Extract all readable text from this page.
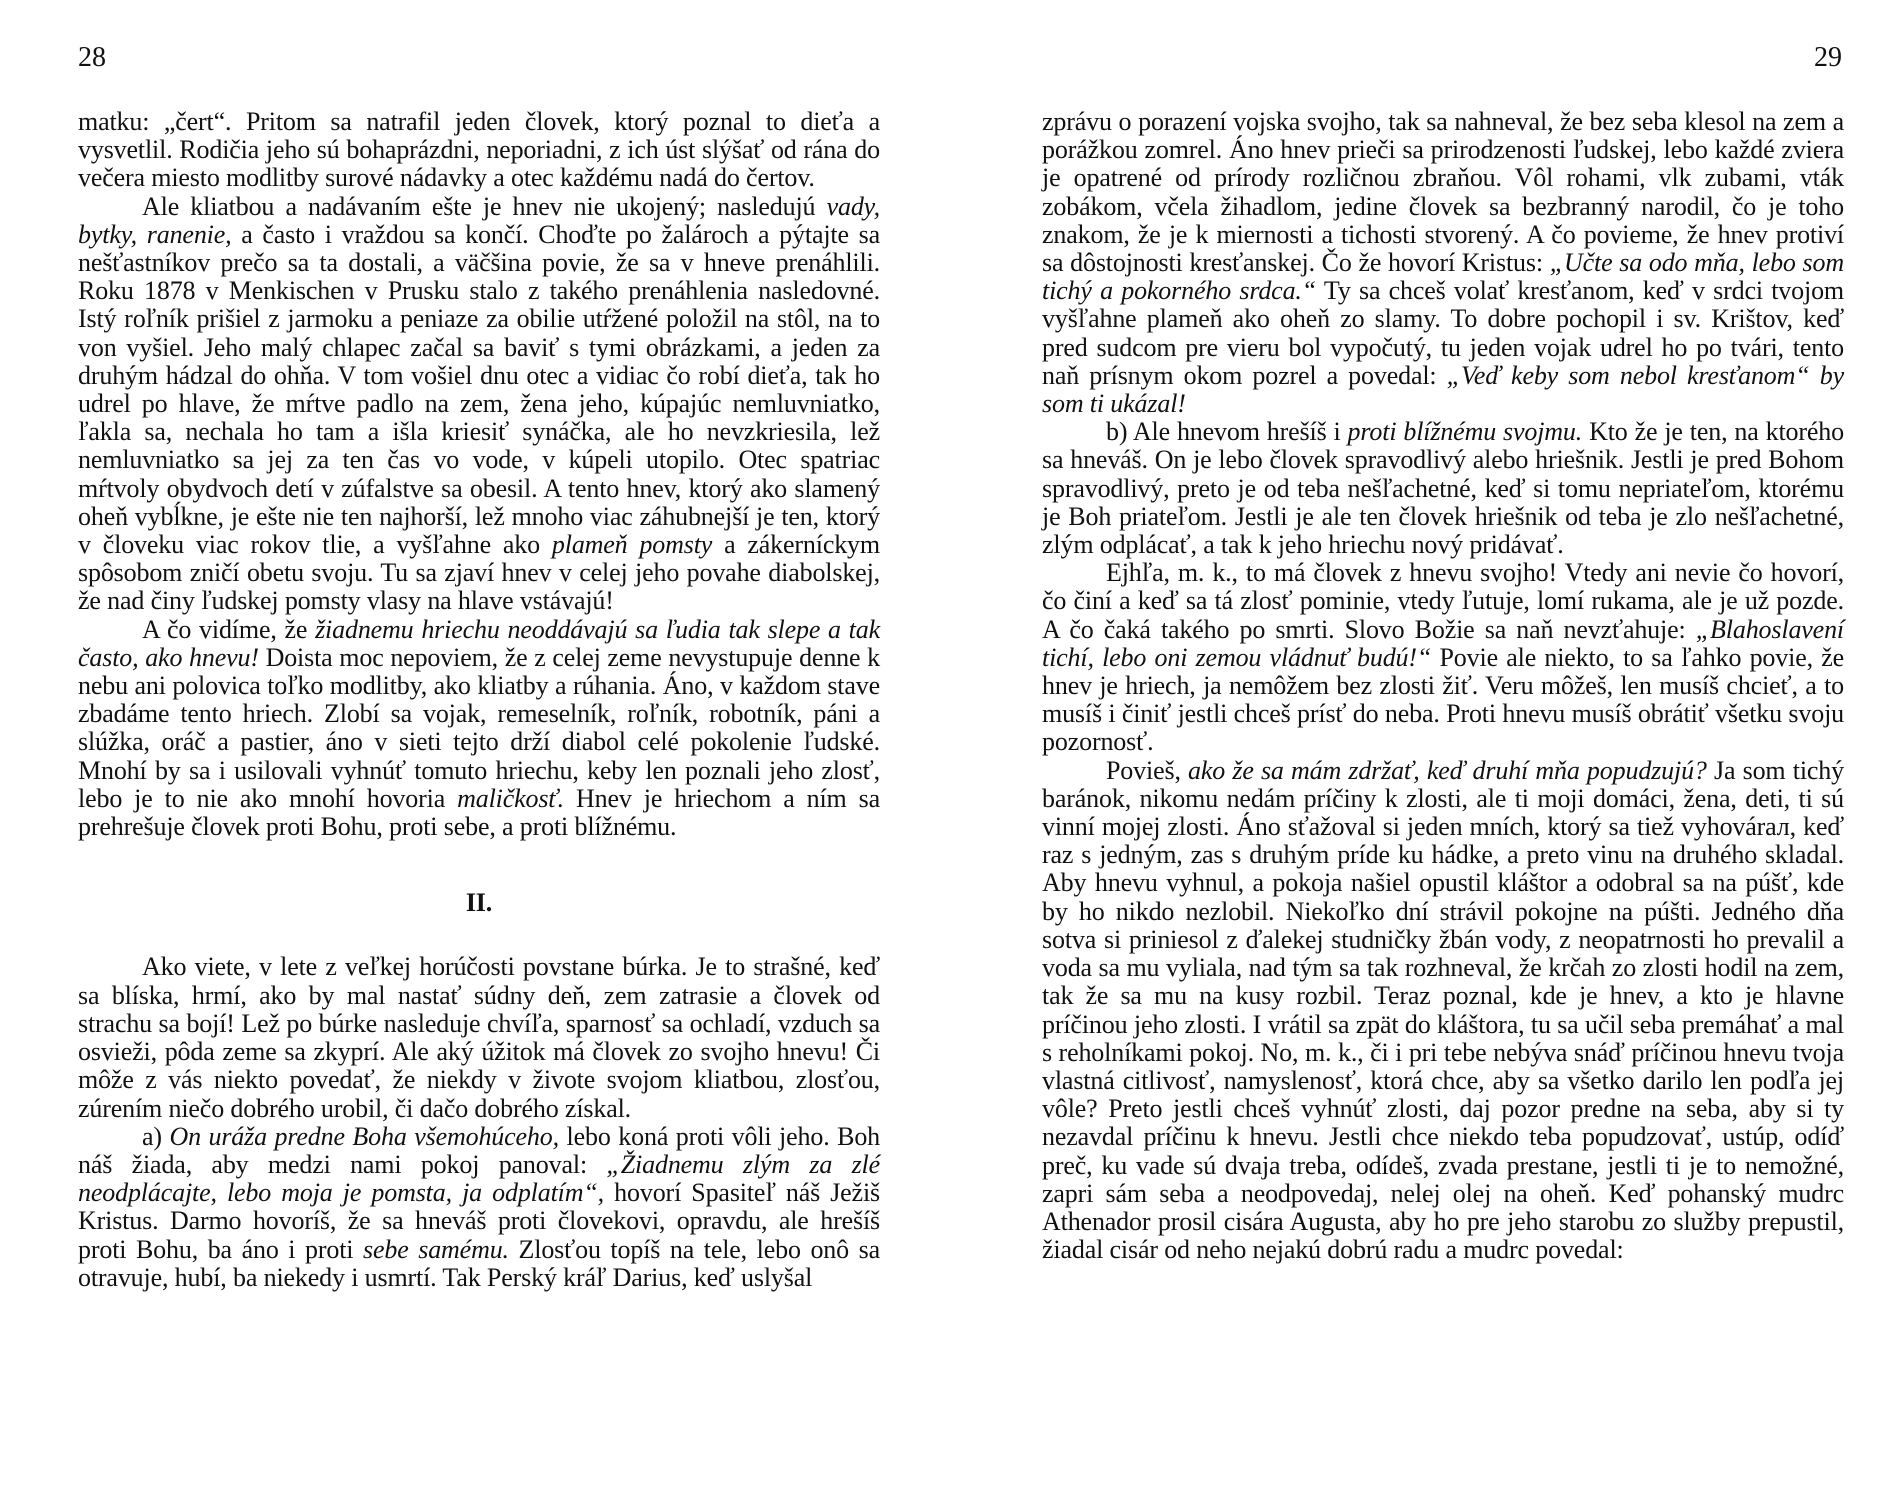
28	29

matku: „čert“. Pritom sa natrafil jeden človek, ktorý poznal to dieťa a vysvetlil. Rodičia jeho sú bohaprázdni, neporiadni, z ich úst slýšať od rána do večera miesto modlitby surové nádavky a otec každému nadá do čertov.

Ale kliatbou a nadávaním ešte je hnev nie ukojený; nasledujú vady, bytky, ranenie, a často i vraždou sa končí. Choďte po žalároch a pýtajte sa nešťastníkov prečo sa ta dostali, a väčšina povie, že sa v hneve prenáhlili. Roku 1878 v Menkischen v Prusku stalo z takého prenáhlenia nasledovné. Istý roľník prišiel z jarmoku a peniaze za obilie utŕžené položil na stôl, na to von vyšiel. Jeho malý chlapec začal sa baviť s tymi obrázkami, a jeden za druhým hádzal do ohňa. V tom vošiel dnu otec a vidiac čo robí dieťa, tak ho udrel po hlave, že mŕtve padlo na zem, žena jeho, kúpajúc nemluvniatko, ľakla sa, nechala ho tam a išla kriesiť synáčka, ale ho nevzkriesila, lež nemluvniatko sa jej za ten čas vo vode, v kúpeli utopilo. Otec spatriac mŕtvoly obydvoch detí v zúfalstve sa obesil. A tento hnev, ktorý ako slamený oheň vybĺkne, je ešte nie ten najhorší, lež mnoho viac záhubnejší je ten, ktorý v človeku viac rokov tlie, a vyšľahne ako plameň pomsty a zákerníckym spôsobom zničí obetu svoju. Tu sa zjaví hnev v celej jeho povahe diabolskej, že nad činy ľudskej pomsty vlasy na hlave vstávajú!

A čo vidíme, že žiadnemu hriechu neoddávajú sa ľudia tak slepe a tak často, ako hnevu! Doista moc nepoviem, že z celej zeme nevystupuje denne k nebu ani polovica toľko modlitby, ako kliatby a rúhania. Áno, v každom stave zbadáme tento hriech. Zlobí sa vojak, remeselník, roľník, robotník, páni a slúžka, oráč a pastier, áno v sieti tejto drží diabol celé pokolenie ľudské. Mnohí by sa i usilovali vyhnúť tomuto hriechu, keby len poznali jeho zlosť, lebo je to nie ako mnohí hovoria maličkosť. Hnev je hriechom a ním sa prehrešuje človek proti Bohu, proti sebe, a proti blížnému.

II.

Ako viete, v lete z veľkej horúčosti povstane búrka. Je to strašné, keď sa blíska, hrmí, ako by mal nastať súdny deň, zem zatrasie a človek od strachu sa bojí! Lež po búrke nasleduje chvíľa, sparnosť sa ochladí, vzduch sa osvieži, pôda zeme sa zkyprí. Ale aký úžitok má človek zo svojho hnevu! Či môže z vás niekto povedať, že niekdy v živote svojom kliatbou, zlosťou, zúrením niečo dobrého urobil, či dačo dobrého získal.

a) On uráža predne Boha všemohúceho, lebo koná proti vôli jeho. Boh náš žiada, aby medzi nami pokoj panoval: „Žiadnemu zlým za zlé neodplácajte, lebo moja je pomsta, ja odplatím“, hovorí Spasiteľ náš Ježiš Kristus. Darmo hovoríš, že sa hneváš proti človekovi, opravdu, ale hrešíš proti Bohu, ba áno i proti sebe samému. Zlosťou topíš na tele, lebo onô sa otravuje, hubí, ba niekedy i usmrtí. Tak Perský kráľ Darius, keď uslyšal

zprávu o porazení vojska svojho, tak sa nahneval, že bez seba klesol na zem a porážkou zomrel. Áno hnev prieči sa prirodzenosti ľudskej, lebo každé zviera je opatrené od prírody rozličnou zbraňou. Vôl rohami, vlk zubami, vták zobákom, včela žihadlom, jedine človek sa bezbranný narodil, čo je toho znakom, že je k miernosti a tichosti stvorený. A čo povieme, že hnev protiví sa dôstojnosti kresťanskej. Čo že hovorí Kristus: „Učte sa odo mňa, lebo som tichý a pokorného srdca.“ Ty sa chceš volať kresťanom, keď v srdci tvojom vyšľahne plameň ako oheň zo slamy. To dobre pochopil i sv. Krištov, keď pred sudcom pre vieru bol vypočutý, tu jeden vojak udrel ho po tvári, tento naň prísnym okom pozrel a povedal: „Veď keby som nebol kresťanom“ by som ti ukázal!

b) Ale hnevom hrešíš i proti blížnému svojmu. Kto že je ten, na ktorého sa hneváš. On je lebo človek spravodlivý alebo hriešnik. Jestli je pred Bohom spravodlivý, preto je od teba nešľachetné, keď si tomu nepriateľom, ktorému je Boh priateľom. Jestli je ale ten človek hriešnik od teba je zlo nešľachetné, zlým odplácať, a tak k jeho hriechu nový pridávať.

Ejhľa, m. k., to má človek z hnevu svojho! Vtedy ani nevie čo hovorí, čo činí a keď sa tá zlosť pominie, vtedy ľutuje, lomí rukama, ale je už pozde. A čo čaká takého po smrti. Slovo Božie sa naň nevzťahuje: „Blahoslavení tichí, lebo oni zemou vládnuť budú!“ Povie ale niekto, to sa ľahko povie, že hnev je hriech, ja nemôžem bez zlosti žiť. Veru môžeš, len musíš chcieť, a to musíš i činiť jestli chceš prísť do neba. Proti hnevu musíš obrátiť všetku svoju pozornosť.

Povieš, ako že sa mám zdržať, keď druhí mňa popudzujú? Ja som tichý baránok, nikomu nedám príčiny k zlosti, ale ti moji domáci, žena, deti, ti sú vinní mojej zlosti. Áno sťažoval si jeden mních, ktorý sa tiež vyhovárал, keď raz s jedným, zas s druhým príde ku hádke, a preto vinu na druhého skladal. Aby hnevu vyhnul, a pokoja našiel opustil kláštor a odobral sa na púšť, kde by ho nikdo nezlobil. Niekoľko dní strávil pokojne na púšti. Jedného dňa sotva si priniesol z ďalekej studničky žbán vody, z neopatrnosti ho prevalil a voda sa mu vyliala, nad tým sa tak rozhneval, že krčah zo zlosti hodil na zem, tak že sa mu na kusy rozbil. Teraz poznal, kde je hnev, a kto je hlavne príčinou jeho zlosti. I vrátil sa zpät do kláštora, tu sa učil seba premáhať a mal s reholníkami pokoj. No, m. k., či i pri tebe nebýva snáď príčinou hnevu tvoja vlastná citlivosť, namyslenosť, ktorá chce, aby sa všetko darilo len podľa jej vôle? Preto jestli chceš vyhnúť zlosti, daj pozor predne na seba, aby si ty nezavdal príčinu k hnevu. Jestli chce niekdo teba popudzovať, ustúp, odíď preč, ku vade sú dvaja treba, odídeš, zvada prestane, jestli ti je to nemožné, zapri sám seba a neodpovedaj, nelej olej na oheň. Keď pohanský mudrc Athenador prosil cisára Augusta, aby ho pre jeho starobu zo služby prepustil, žiadal cisár od neho nejakú dobrú radu a mudrc povedal:
